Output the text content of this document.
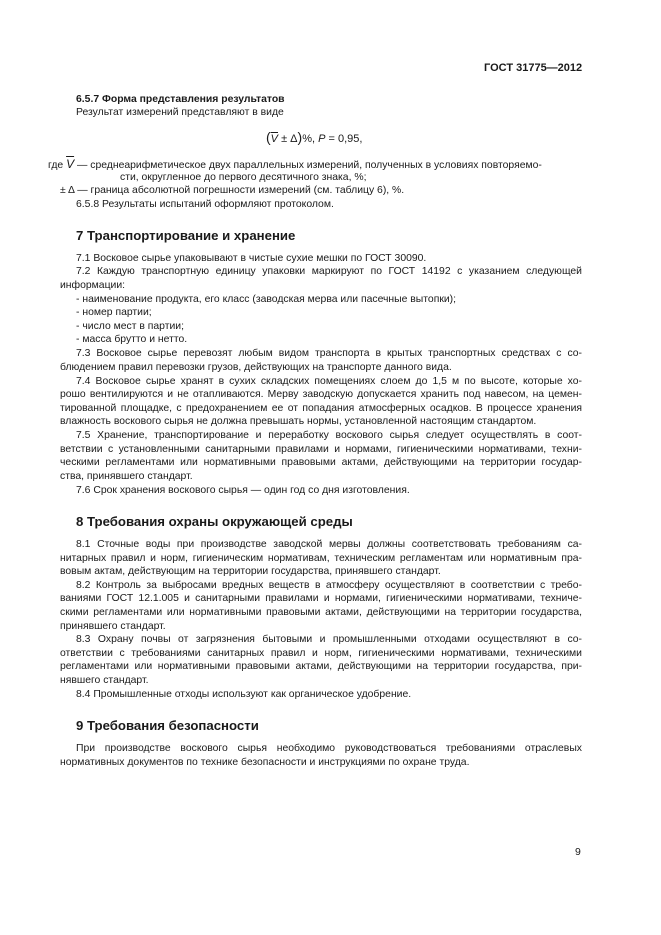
ГОСТ 31775—2012
6.5.7 Форма представления результатов
Результат измерений представляют в виде
$(\overline{V} \pm \Delta)\%$, P = 0,95,
где $\overline{V}$ — среднеарифметическое двух параллельных измерений, полученных в условиях повторяемо-
сти, округленное до первого десятичного знака, %;
± Δ — граница абсолютной погрешности измерений (см. таблицу 6), %.
6.5.8 Результаты испытаний оформляют протоколом.
7 Транспортирование и хранение
7.1 Восковое сырье упаковывают в чистые сухие мешки по ГОСТ 30090.
7.2 Каждую транспортную единицу упаковки маркируют по ГОСТ 14192 с указанием следующей
информации:
- наименование продукта, его класс (заводская мерва или пасечные вытопки);
- номер партии;
- число мест в партии;
- масса брутто и нетто.
7.3 Восковое сырье перевозят любым видом транспорта в крытых транспортных средствах с со-
блюдением правил перевозки грузов, действующих на транспорте данного вида.
7.4 Восковое сырье хранят в сухих складских помещениях слоем до 1,5 м по высоте, которые хо-
рошо вентилируются и не отапливаются. Мерву заводскую допускается хранить под навесом, на цемен-
тированной площадке, с предохранением ее от попадания атмосферных осадков. В процессе хранения
влажность воскового сырья не должна превышать нормы, установленной настоящим стандартом.
7.5 Хранение, транспортирование и переработку воскового сырья следует осуществлять в соот-
ветствии с установленными санитарными правилами и нормами, гигиеническими нормативами, техни-
ческими регламентами или нормативными правовыми актами, действующими на территории государ-
ства, принявшего стандарт.
7.6 Срок хранения воскового сырья — один год со дня изготовления.
8 Требования охраны окружающей среды
8.1 Сточные воды при производстве заводской мервы должны соответствовать требованиям са-
нитарных правил и норм, гигиеническим нормативам, техническим регламентам или нормативным пра-
вовым актам, действующим на территории государства, принявшего стандарт.
8.2 Контроль за выбросами вредных веществ в атмосферу осуществляют в соответствии с требо-
ваниями ГОСТ 12.1.005 и санитарными правилами и нормами, гигиеническими нормативами, техниче-
скими регламентами или нормативными правовыми актами, действующими на территории государства,
принявшего стандарт.
8.3 Охрану почвы от загрязнения бытовыми и промышленными отходами осуществляют в со-
ответствии с требованиями санитарных правил и норм, гигиеническими нормативами, техническими
регламентами или нормативными правовыми актами, действующими на территории государства, при-
нявшего стандарт.
8.4 Промышленные отходы используют как органическое удобрение.
9 Требования безопасности
При производстве воскового сырья необходимо руководствоваться требованиями отраслевых
нормативных документов по технике безопасности и инструкциями по охране труда.
9
